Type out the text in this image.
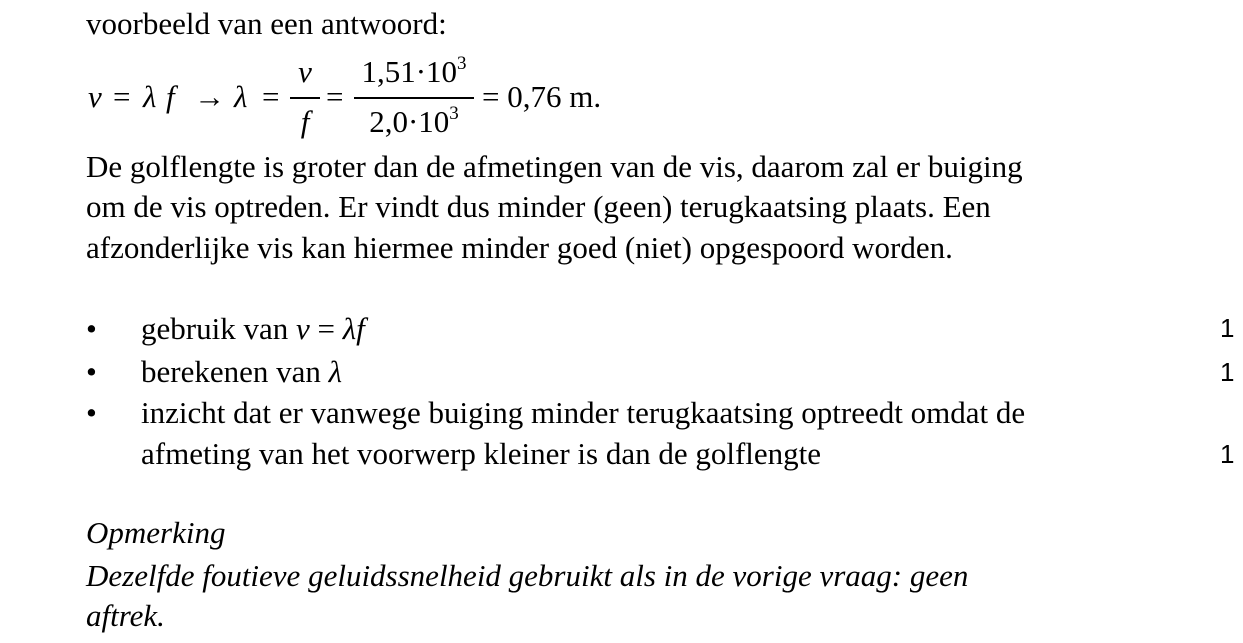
voorbeeld van een antwoord:
v = λ f → λ =
v
f
=
$1,51\cdot 10^3$
$2,0\cdot 10^3 = 0,76$ m.
De golflengte is groter dan de afmetingen van de vis, daarom zal er buiging
om de vis optreden. Er vindt dus minder (geen) terugkaatsing plaats. Een
afzonderlijke vis kan hiermee minder goed (niet) opgespoord worden.
• gebruik van v = λf	1
• berekenen van λ	1
• inzicht dat er vanwege buiging minder terugkaatsing optreedt omdat de
afmeting van het voorwerp kleiner is dan de golflengte	1
Opmerking
Dezelfde foutieve geluidssnelheid gebruikt als in de vorige vraag: geen
aftrek.
